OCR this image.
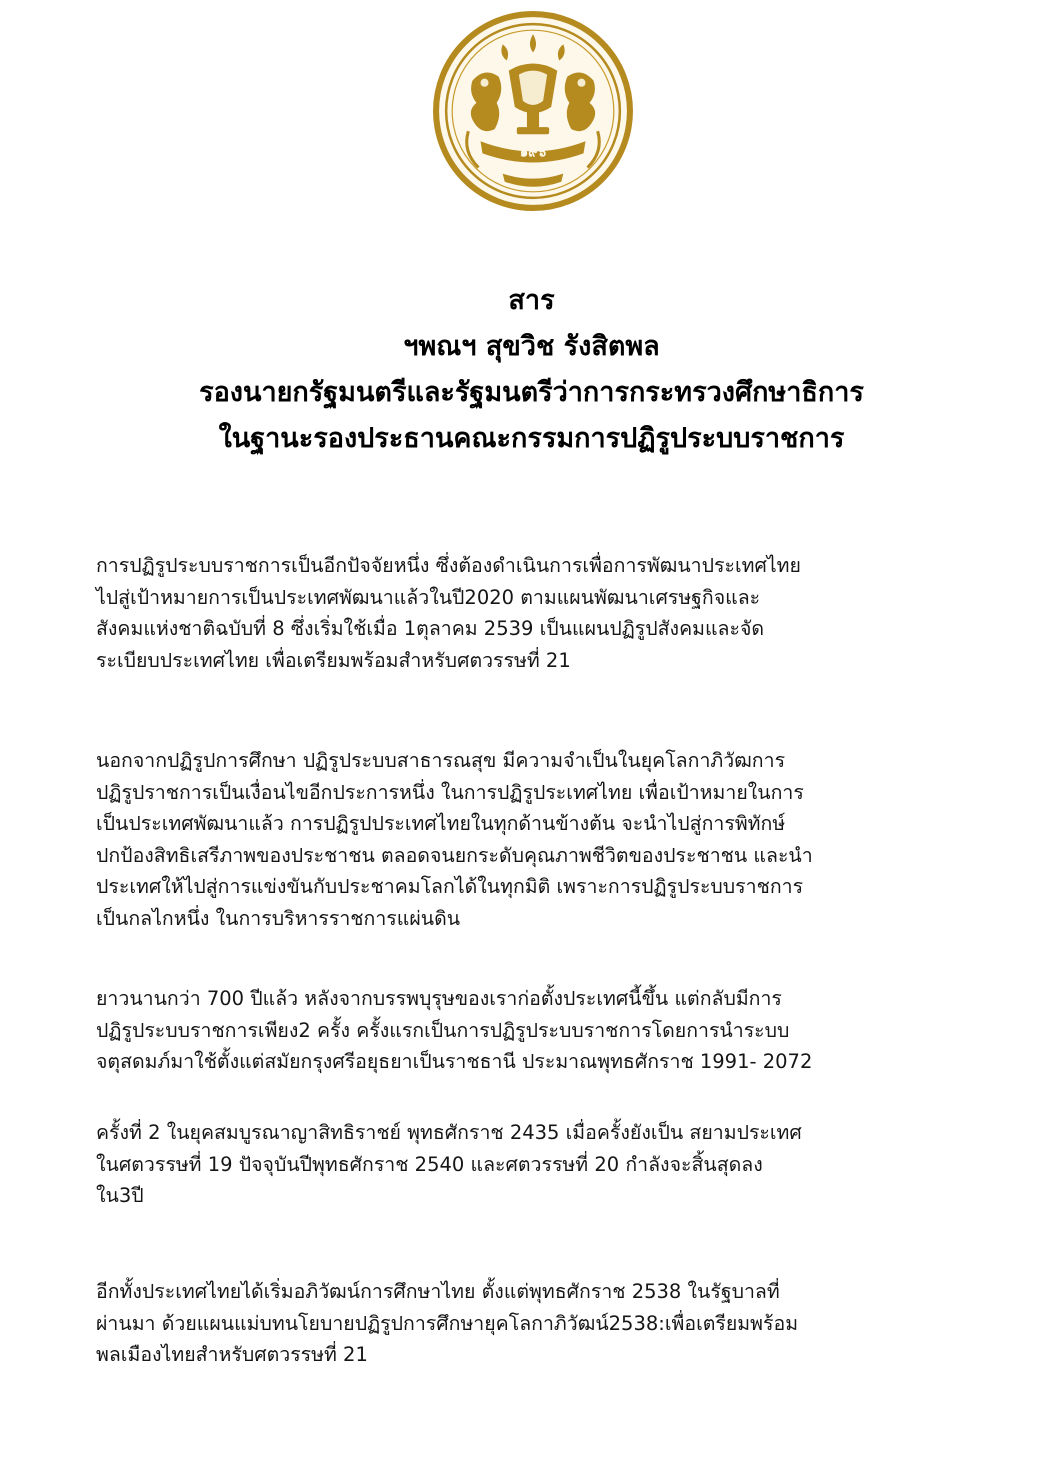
๑๙๖
สาร
ฯพณฯ สุขวิช รังสิตพล
รองนายกรัฐมนตรีและรัฐมนตรีว่าการกระทรวงศึกษาธิการ
ในฐานะรองประธานคณะกรรมการปฏิรูประบบราชการ
การปฏิรูประบบราชการเป็นอีกปัจจัยหนึ่ง ซึ่งต้องดำเนินการเพื่อการพัฒนาประเทศไทย
ไปสู่เป้าหมายการเป็นประเทศพัฒนาแล้วในปี2020 ตามแผนพัฒนาเศรษฐกิจและ
สังคมแห่งชาติฉบับที่ 8 ซึ่งเริ่มใช้เมื่อ 1ตุลาคม 2539 เป็นแผนปฏิรูปสังคมและจัด
ระเบียบประเทศไทย เพื่อเตรียมพร้อมสำหรับศตวรรษที่ 21
นอกจากปฏิรูปการศึกษา ปฏิรูประบบสาธารณสุข มีความจำเป็นในยุคโลกาภิวัฒการ
ปฏิรูปราชการเป็นเงื่อนไขอีกประการหนึ่ง ในการปฏิรูประเทศไทย เพื่อเป้าหมายในการ
เป็นประเทศพัฒนาแล้ว การปฏิรูปประเทศไทยในทุกด้านข้างต้น จะนำไปสู่การพิทักษ์
ปกป้องสิทธิเสรีภาพของประชาชน ตลอดจนยกระดับคุณภาพชีวิตของประชาชน และนำ
ประเทศให้ไปสู่การแข่งขันกับประชาคมโลกได้ในทุกมิติ เพราะการปฏิรูประบบราชการ
เป็นกลไกหนึ่ง ในการบริหารราชการแผ่นดิน
ยาวนานกว่า 700 ปีแล้ว หลังจากบรรพบุรุษของเราก่อตั้งประเทศนี้ขึ้น แต่กลับมีการ
ปฏิรูประบบราชการเพียง2 ครั้ง ครั้งแรกเป็นการปฏิรูประบบราชการโดยการนำระบบ
จตุสดมภ์มาใช้ตั้งแต่สมัยกรุงศรีอยุธยาเป็นราชธานี ประมาณพุทธศักราช 1991- 2072
ครั้งที่ 2 ในยุคสมบูรณาญาสิทธิราชย์ พุทธศักราช 2435 เมื่อครั้งยังเป็น สยามประเทศ
ในศตวรรษที่ 19 ปัจจุบันปีพุทธศักราช 2540 และศตวรรษที่ 20 กำลังจะสิ้นสุดลง
ใน3ปี
อีกทั้งประเทศไทยได้เริ่มอภิวัฒน์การศึกษาไทย ตั้งแต่พุทธศักราช 2538 ในรัฐบาลที่
ผ่านมา ด้วยแผนแม่บทนโยบายปฏิรูปการศึกษายุคโลกาภิวัฒน์2538:เพื่อเตรียมพร้อม
พลเมืองไทยสำหรับศตวรรษที่ 21
